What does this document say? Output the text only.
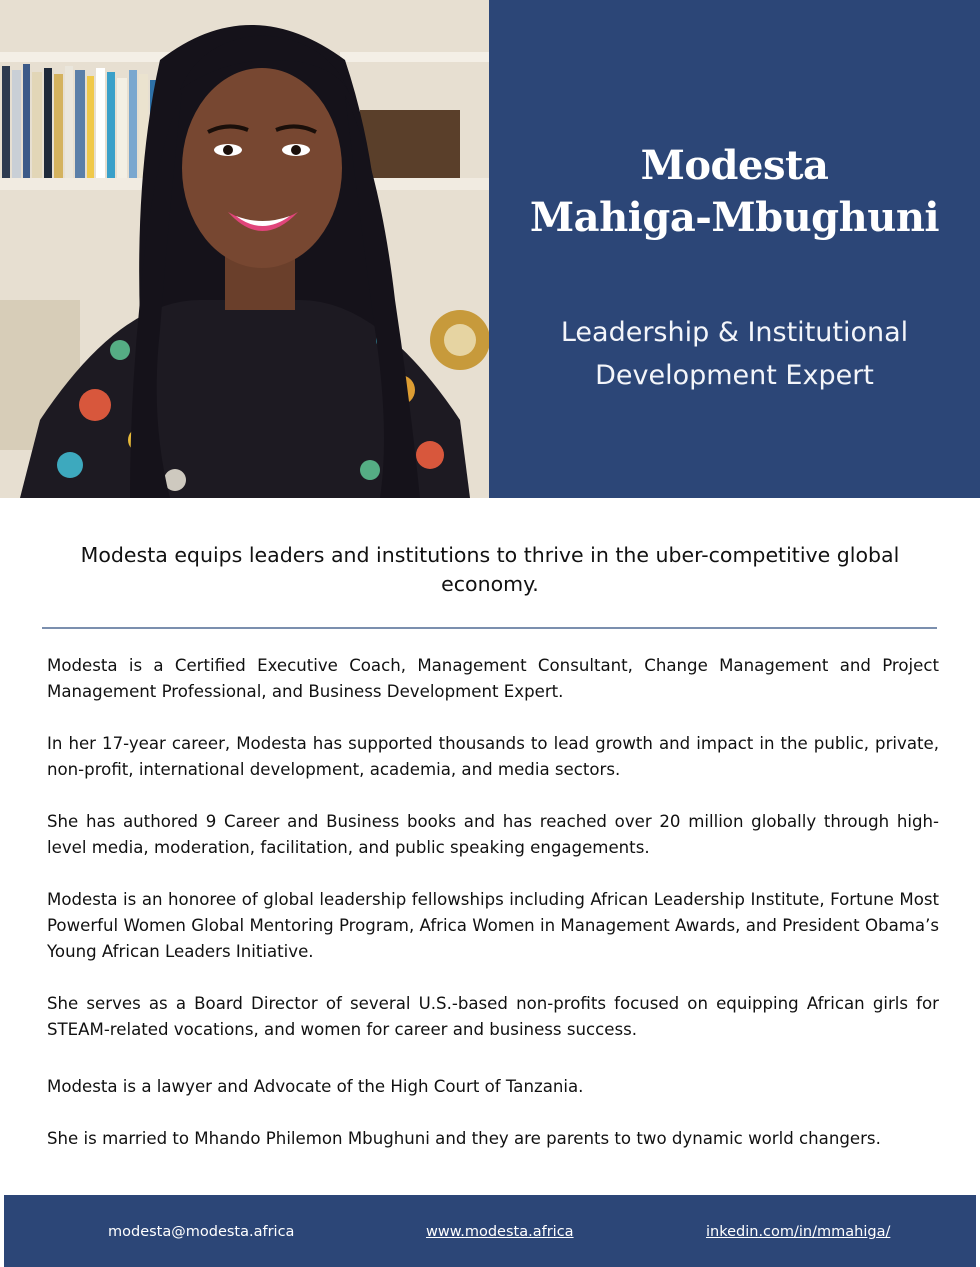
Modesta
Mahiga-Mbughuni
Leadership & Institutional
Development Expert
Modesta equips leaders and institutions to thrive in the uber-competitive global economy.

Modesta is a Certified Executive Coach, Management Consultant, Change Management and Project Management Professional, and Business Development Expert.

In her 17-year career, Modesta has supported thousands to lead growth and impact in the public, private, non-profit, international development, academia, and media sectors.

She has authored 9 Career and Business books and has reached over 20 million globally through high-level media, moderation, facilitation, and public speaking engagements.

Modesta is an honoree of global leadership fellowships including African Leadership Institute, Fortune Most Powerful Women Global Mentoring Program, Africa Women in Management Awards, and President Obama’s Young African Leaders Initiative.

She serves as a Board Director of several U.S.-based non-profits focused on equipping African girls for STEAM-related vocations, and women for career and business success.

Modesta is a lawyer and Advocate of the High Court of Tanzania.

She is married to Mhando Philemon Mbughuni and they are parents to two dynamic world changers.

modesta@modesta.africa	www.modesta.africa	inkedin.com/in/mmahiga/
